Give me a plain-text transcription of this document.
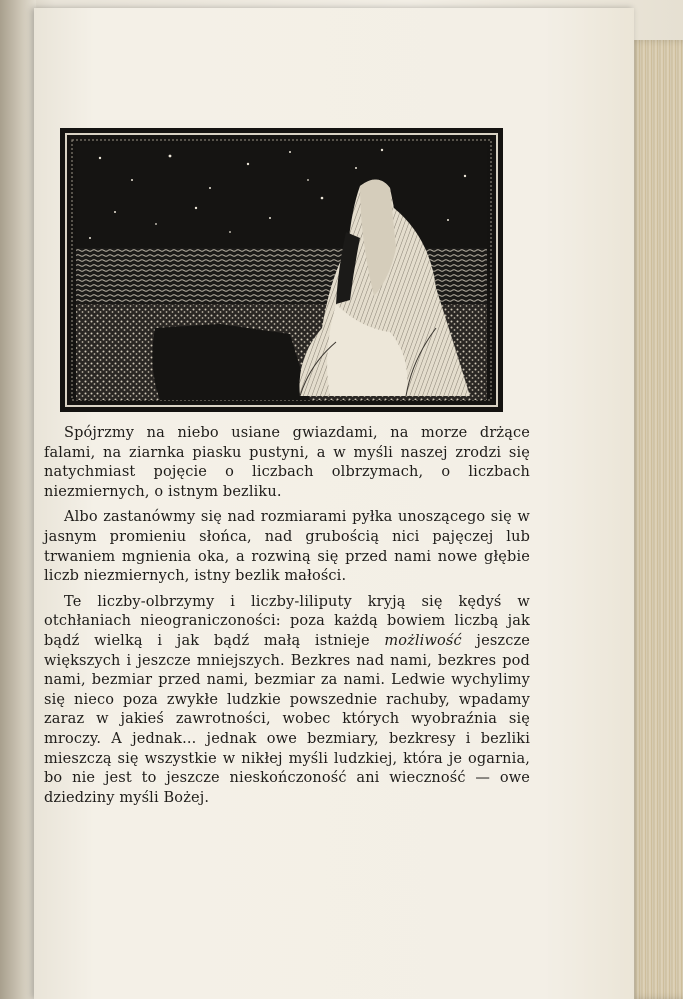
Spójrzmy na niebo usiane gwiazdami, na morze drżące falami, na ziarnka piasku pustyni, a w myśli naszej zrodzi się natychmiast pojęcie o liczbach olbrzymach, o liczbach niezmiernych, o istnym bezliku.

Albo zastanówmy się nad rozmiarami pyłka unoszącego się w jasnym promieniu słońca, nad grubością nici pajęczej lub trwaniem mgnienia oka, a rozwiną się przed nami nowe głębie liczb niezmiernych, istny bezlik małości.

Te liczby-olbrzymy i liczby-liliputy kryją się kędyś w otchłaniach nieograniczoności: poza każdą bowiem liczbą jak bądź wielką i jak bądź małą istnieje możliwość jeszcze większych i jeszcze mniejszych. Bezkres nad nami, bezkres pod nami, bezmiar przed nami, bezmiar za nami. Ledwie wychylimy się nieco poza zwykłe ludzkie powszednie rachuby, wpadamy zaraz w jakieś zawrotności, wobec których wyobraźnia się mroczy. A jednak... jednak owe bezmiary, bezkresy i bezliki mieszczą się wszystkie w nikłej myśli ludzkiej, która je ogarnia, bo nie jest to jeszcze nieskończoność ani wieczność — owe dziedziny myśli Bożej.
